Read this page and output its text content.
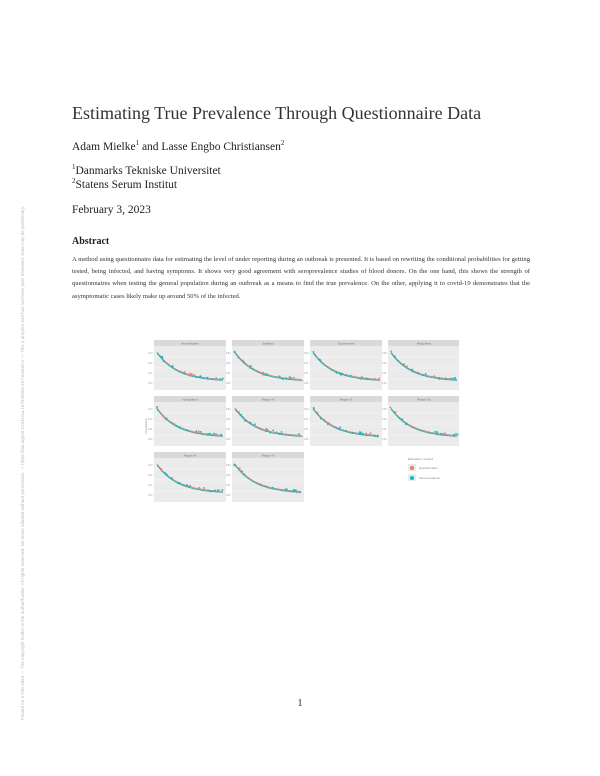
Posted on 3 Feb 2023 — The copyright holder is the author/funder. All rights reserved. No reuse allowed without permission. — https://doi.org/10.22541/au.167545952.29710443/v1 — This a preprint and has not been peer reviewed. Data may be preliminary.
Estimating True Prevalence Through Questionnaire Data
Adam Mielke$^1$ and Lasse Engbo Christiansen$^2$
$^1$Danmarks Tekniske Universitet
$^2$Statens Serum Institut
February 3, 2023
Abstract
A method using questionnaire data for estimating the level of under reporting during an outbreak is presented. It is based on rewriting the conditional probabilities for getting tested, being infected, and having symptoms. It shows very good agreement with seroprevalence studies of blood donors. On the one hand, this shows the strength of questionnaires when testing the general population during an outbreak as a means to find the true prevalence. On the other, applying it to covid-19 demonstrates that the asymptomatic cases likely make up around 50% of the infected.
Hovedstaden
0.03
0.02
0.01
0.00
Sjælland
0.03
0.02
0.01
0.00
Syddanmark
0.03
0.02
0.01
0.00
Midtjylland
0.03
0.02
0.01
0.00
Nordjylland
0.03
0.02
0.01
0.00
Region H
0.03
0.02
0.01
0.00
Region S
0.03
0.02
0.01
0.00
Region Sy
0.03
0.02
0.01
0.00
Region M
0.03
0.02
0.01
0.00
Region N
0.03
0.02
0.01
0.00
Prevalence
Estimation method
Questionnaire
Seroprevalence
1
